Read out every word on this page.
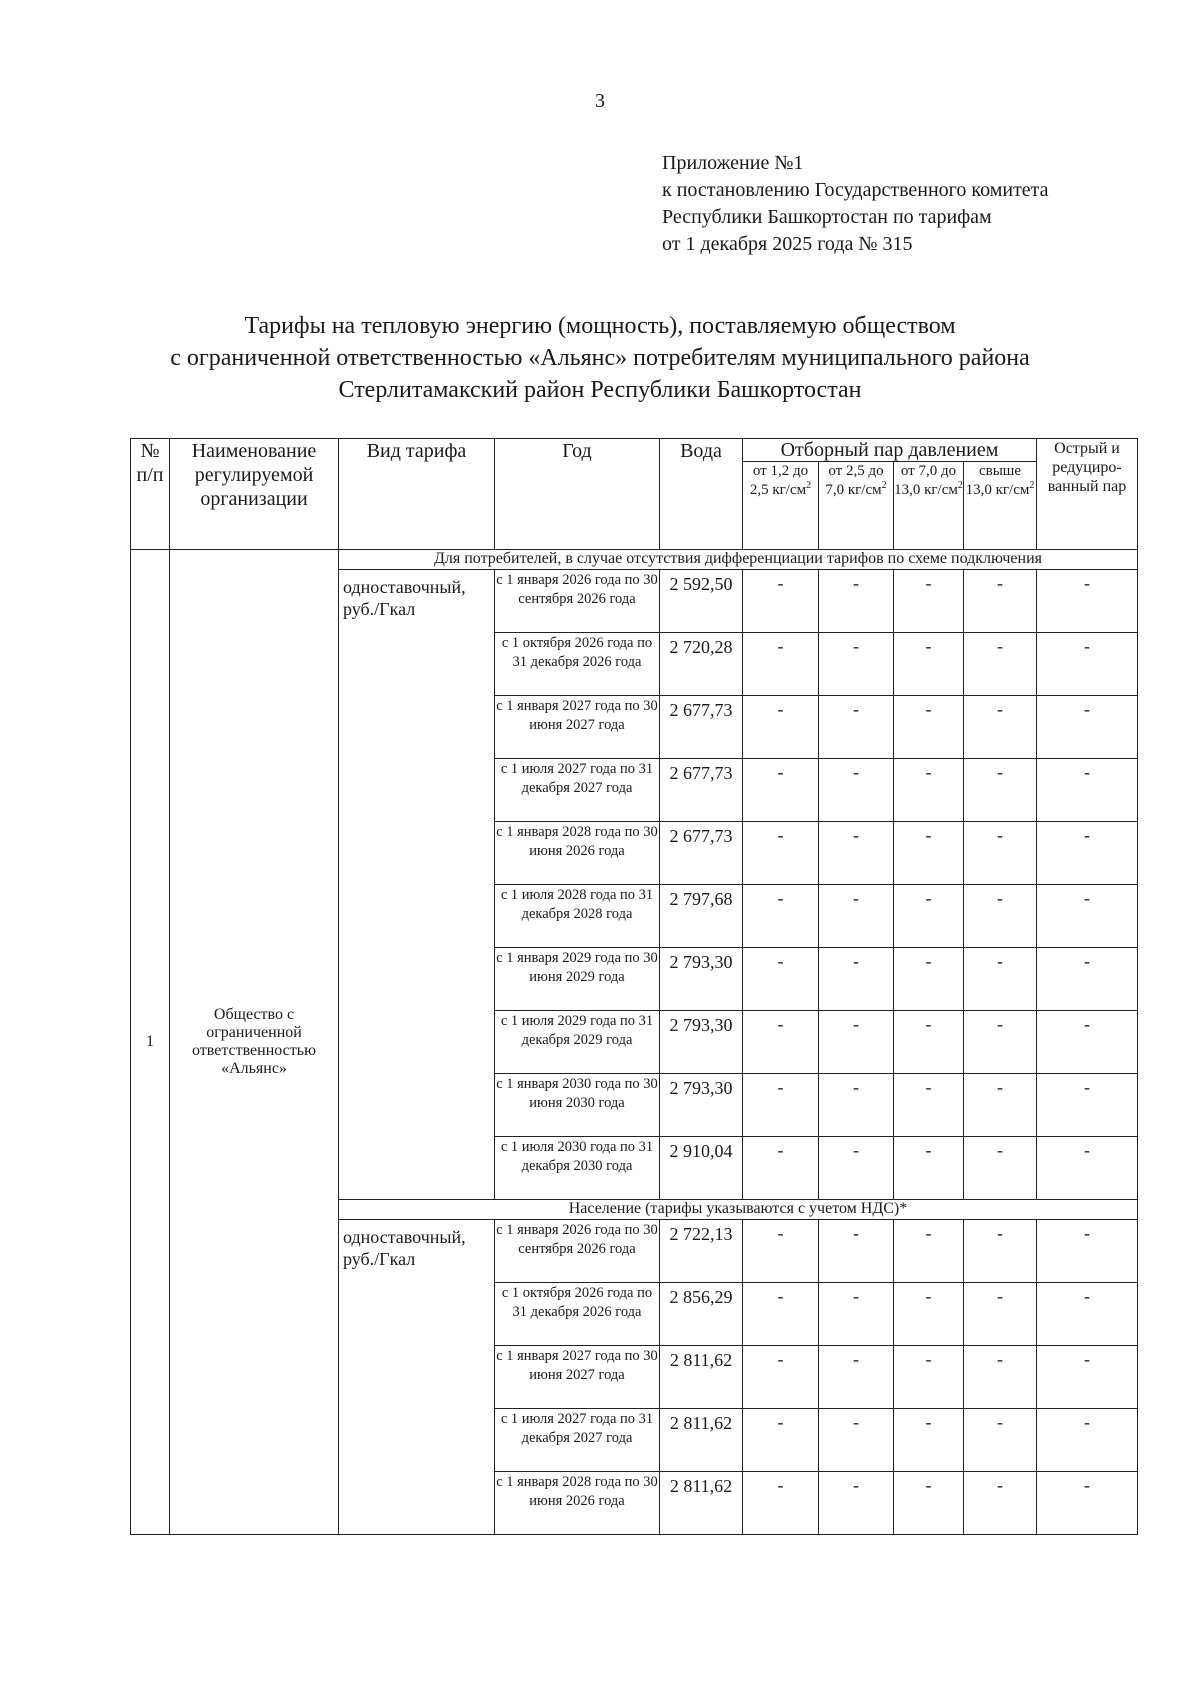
3
Приложение №1
к постановлению Государственного комитета
Республики Башкортостан по тарифам
от 1 декабря 2025 года № 315
Тарифы на тепловую энергию (мощность), поставляемую обществом
с ограниченной ответственностью «Альянс» потребителям муниципального района
Стерлитамакский район Республики Башкортостан
№ п/п	Наименование регулируемой организации	Вид тарифа	Год	Вода	Отборный пар давлением				Острый и редуциро-ванный пар
					от 1,2 до 2,5 $кг/см^2$	от 2,5 до 7,0 $кг/см^2$	от 7,0 до 13,0 $кг/см^2$	свыше 13,0 $кг/см^2$
1	Общество с ограниченной ответственностью «Альянс»	Для потребителей, в случае отсутствия дифференциации тарифов по схеме подключения							
		одноставочный, руб./Гкал	с 1 января 2026 года по 30 сентября 2026 года	2 592,50	-	-	-	-	-
			с 1 октября 2026 года по 31 декабря 2026 года	2 720,28	-	-	-	-	-
			с 1 января 2027 года по 30 июня 2027 года	2 677,73	-	-	-	-	-
			с 1 июля 2027 года по 31 декабря 2027 года	2 677,73	-	-	-	-	-
			с 1 января 2028 года по 30 июня 2026 года	2 677,73	-	-	-	-	-
			с 1 июля 2028 года по 31 декабря 2028 года	2 797,68	-	-	-	-	-
			с 1 января 2029 года по 30 июня 2029 года	2 793,30	-	-	-	-	-
			с 1 июля 2029 года по 31 декабря 2029 года	2 793,30	-	-	-	-	-
			с 1 января 2030 года по 30 июня 2030 года	2 793,30	-	-	-	-	-
			с 1 июля 2030 года по 31 декабря 2030 года	2 910,04	-	-	-	-	-
		Население (тарифы указываются с учетом НДС)*							
		одноставочный, руб./Гкал	с 1 января 2026 года по 30 сентября 2026 года	2 722,13	-	-	-	-	-
			с 1 октября 2026 года по 31 декабря 2026 года	2 856,29	-	-	-	-	-
			с 1 января 2027 года по 30 июня 2027 года	2 811,62	-	-	-	-	-
			с 1 июля 2027 года по 31 декабря 2027 года	2 811,62	-	-	-	-	-
			с 1 января 2028 года по 30 июня 2026 года	2 811,62	-	-	-	-	-
